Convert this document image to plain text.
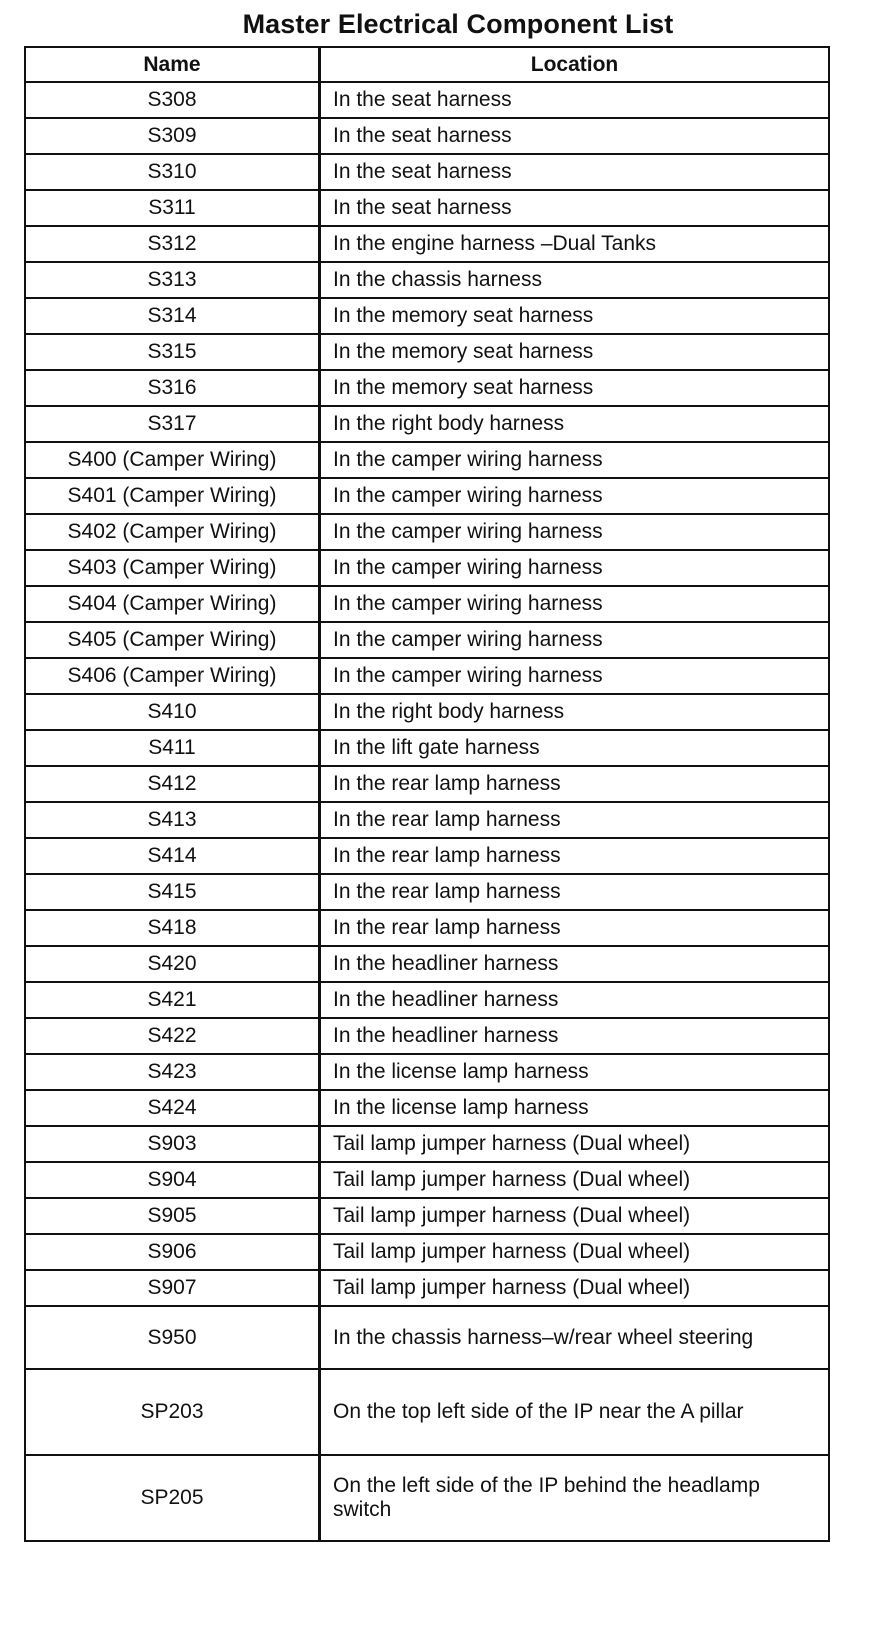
Master Electrical Component List
Name	Location
S308	In the seat harness
S309	In the seat harness
S310	In the seat harness
S311	In the seat harness
S312	In the engine harness –Dual Tanks
S313	In the chassis harness
S314	In the memory seat harness
S315	In the memory seat harness
S316	In the memory seat harness
S317	In the right body harness
S400 (Camper Wiring)	In the camper wiring harness
S401 (Camper Wiring)	In the camper wiring harness
S402 (Camper Wiring)	In the camper wiring harness
S403 (Camper Wiring)	In the camper wiring harness
S404 (Camper Wiring)	In the camper wiring harness
S405 (Camper Wiring)	In the camper wiring harness
S406 (Camper Wiring)	In the camper wiring harness
S410	In the right body harness
S411	In the lift gate harness
S412	In the rear lamp harness
S413	In the rear lamp harness
S414	In the rear lamp harness
S415	In the rear lamp harness
S418	In the rear lamp harness
S420	In the headliner harness
S421	In the headliner harness
S422	In the headliner harness
S423	In the license lamp harness
S424	In the license lamp harness
S903	Tail lamp jumper harness (Dual wheel)
S904	Tail lamp jumper harness (Dual wheel)
S905	Tail lamp jumper harness (Dual wheel)
S906	Tail lamp jumper harness (Dual wheel)
S907	Tail lamp jumper harness (Dual wheel)
S950	In the chassis harness–w/rear wheel steering
SP203	On the top left side of the IP near the A pillar
SP205	On the left side of the IP behind the headlamp switch
